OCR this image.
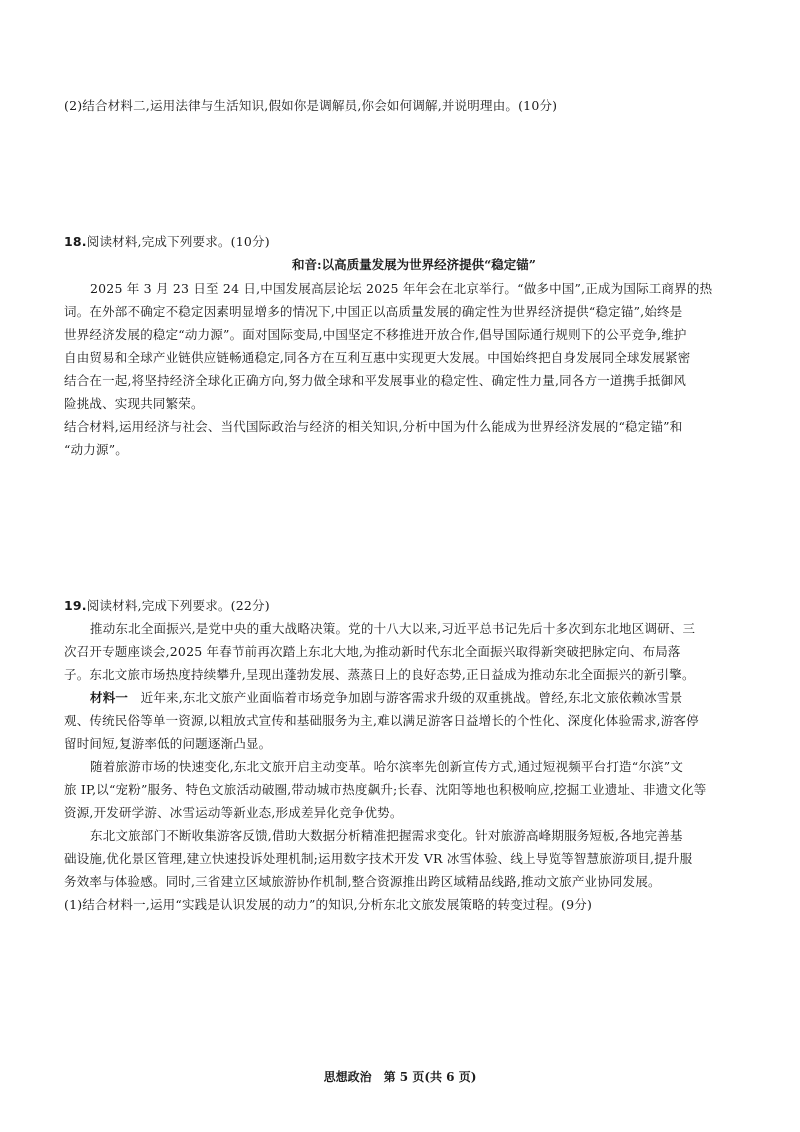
(2)结合材料二,运用法律与生活知识,假如你是调解员,你会如何调解,并说明理由。(10分)
18.阅读材料,完成下列要求。(10分)
和音:以高质量发展为世界经济提供“稳定锚”
2025 年 3 月 23 日至 24 日,中国发展高层论坛 2025 年年会在北京举行。“做多中国”,正成为国际工商界的热
词。在外部不确定不稳定因素明显增多的情况下,中国正以高质量发展的确定性为世界经济提供“稳定锚”,始终是
世界经济发展的稳定“动力源”。面对国际变局,中国坚定不移推进开放合作,倡导国际通行规则下的公平竞争,维护
自由贸易和全球产业链供应链畅通稳定,同各方在互利互惠中实现更大发展。中国始终把自身发展同全球发展紧密
结合在一起,将坚持经济全球化正确方向,努力做全球和平发展事业的稳定性、确定性力量,同各方一道携手抵御风
险挑战、实现共同繁荣。
结合材料,运用经济与社会、当代国际政治与经济的相关知识,分析中国为什么能成为世界经济发展的“稳定锚”和
“动力源”。
19.阅读材料,完成下列要求。(22分)
推动东北全面振兴,是党中央的重大战略决策。党的十八大以来,习近平总书记先后十多次到东北地区调研、三
次召开专题座谈会,2025 年春节前再次踏上东北大地,为推动新时代东北全面振兴取得新突破把脉定向、布局落
子。东北文旅市场热度持续攀升,呈现出蓬勃发展、蒸蒸日上的良好态势,正日益成为推动东北全面振兴的新引擎。
材料一 近年来,东北文旅产业面临着市场竞争加剧与游客需求升级的双重挑战。曾经,东北文旅依赖冰雪景
观、传统民俗等单一资源,以粗放式宣传和基础服务为主,难以满足游客日益增长的个性化、深度化体验需求,游客停
留时间短,复游率低的问题逐渐凸显。
随着旅游市场的快速变化,东北文旅开启主动变革。哈尔滨率先创新宣传方式,通过短视频平台打造“尔滨”文
旅 IP,以“宠粉”服务、特色文旅活动破圈,带动城市热度飙升;长春、沈阳等地也积极响应,挖掘工业遗址、非遗文化等
资源,开发研学游、冰雪运动等新业态,形成差异化竞争优势。
东北文旅部门不断收集游客反馈,借助大数据分析精准把握需求变化。针对旅游高峰期服务短板,各地完善基
础设施,优化景区管理,建立快速投诉处理机制;运用数字技术开发 VR 冰雪体验、线上导览等智慧旅游项目,提升服
务效率与体验感。同时,三省建立区域旅游协作机制,整合资源推出跨区域精品线路,推动文旅产业协同发展。
(1)结合材料一,运用“实践是认识发展的动力”的知识,分析东北文旅发展策略的转变过程。(9分)
思想政治　第 5 页(共 6 页)
